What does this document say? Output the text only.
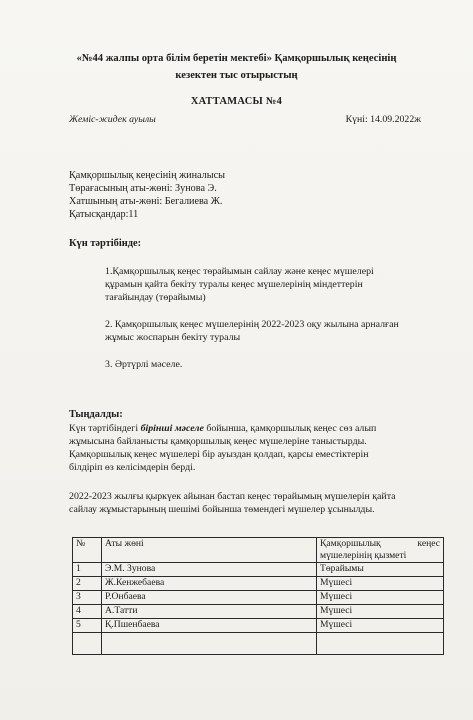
«№44 жалпы орта білім беретін мектебі» Қамқоршылық кеңесінің
кезектен тыс отырыстың
ХАТТАМАСЫ №4
Жеміс-жидек ауылы	Күні: 14.09.2022ж
Қамқоршылық кеңесінің жиналысы
Төрағасының аты-жөні: Зунова Э.
Хатшының аты-жөні: Бегалиева Ж.
Қатысқандар:11
Күн тәртібінде:
1.Қамқоршылық кеңес төрайымын сайлау және кеңес мүшелері
құрамын қайта бекіту туралы кеңес мүшелерінің міндеттерін
тағайындау (төрайымы)
2. Қамқоршылық кеңес мүшелерінің 2022-2023 оқу жылына арналған
жұмыс жоспарын бекіту туралы
3. Әртүрлі мәселе.
Тыңдалды:
Күн тәртібіндегі бірінші мәселе бойынша, қамқоршылық кеңес сөз алып
жұмысына байланысты қамқоршылық кеңес мүшелеріне таныстырды.
Қамқоршылық кеңес мүшелері бір ауыздан қолдап, қарсы еместіктерін
білдіріп өз келісімдерін берді.
2022-2023 жылғы қыркүек айынан бастап кеңес төрайымың мүшелерін қайта
сайлау жұмыстарының шешімі бойынша төмендегі мүшелер ұсынылды.
№	Аты жөні	Қамқоршылық кеңес
мүшелерінің қызметі

1	Э.М. Зунова	Төрайымы
2	Ж.Кенжебаева	Мүшесі
3	Р.Онбаева	Мүшесі
4	А.Татти	Мүшесі
5	Қ.Пшенбаева	Мүшесі
